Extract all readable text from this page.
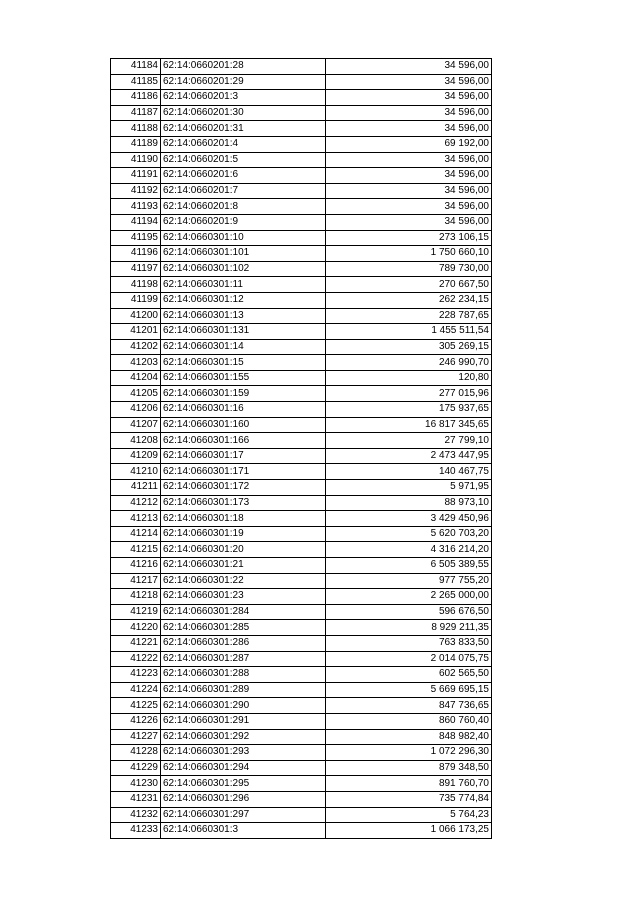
41184	62:14:0660201:28	34 596,00
41185	62:14:0660201:29	34 596,00
41186	62:14:0660201:3	34 596,00
41187	62:14:0660201:30	34 596,00
41188	62:14:0660201:31	34 596,00
41189	62:14:0660201:4	69 192,00
41190	62:14:0660201:5	34 596,00
41191	62:14:0660201:6	34 596,00
41192	62:14:0660201:7	34 596,00
41193	62:14:0660201:8	34 596,00
41194	62:14:0660201:9	34 596,00
41195	62:14:0660301:10	273 106,15
41196	62:14:0660301:101	1 750 660,10
41197	62:14:0660301:102	789 730,00
41198	62:14:0660301:11	270 667,50
41199	62:14:0660301:12	262 234,15
41200	62:14:0660301:13	228 787,65
41201	62:14:0660301:131	1 455 511,54
41202	62:14:0660301:14	305 269,15
41203	62:14:0660301:15	246 990,70
41204	62:14:0660301:155	120,80
41205	62:14:0660301:159	277 015,96
41206	62:14:0660301:16	175 937,65
41207	62:14:0660301:160	16 817 345,65
41208	62:14:0660301:166	27 799,10
41209	62:14:0660301:17	2 473 447,95
41210	62:14:0660301:171	140 467,75
41211	62:14:0660301:172	5 971,95
41212	62:14:0660301:173	88 973,10
41213	62:14:0660301:18	3 429 450,96
41214	62:14:0660301:19	5 620 703,20
41215	62:14:0660301:20	4 316 214,20
41216	62:14:0660301:21	6 505 389,55
41217	62:14:0660301:22	977 755,20
41218	62:14:0660301:23	2 265 000,00
41219	62:14:0660301:284	596 676,50
41220	62:14:0660301:285	8 929 211,35
41221	62:14:0660301:286	763 833,50
41222	62:14:0660301:287	2 014 075,75
41223	62:14:0660301:288	602 565,50
41224	62:14:0660301:289	5 669 695,15
41225	62:14:0660301:290	847 736,65
41226	62:14:0660301:291	860 760,40
41227	62:14:0660301:292	848 982,40
41228	62:14:0660301:293	1 072 296,30
41229	62:14:0660301:294	879 348,50
41230	62:14:0660301:295	891 760,70
41231	62:14:0660301:296	735 774,84
41232	62:14:0660301:297	5 764,23
41233	62:14:0660301:3	1 066 173,25
